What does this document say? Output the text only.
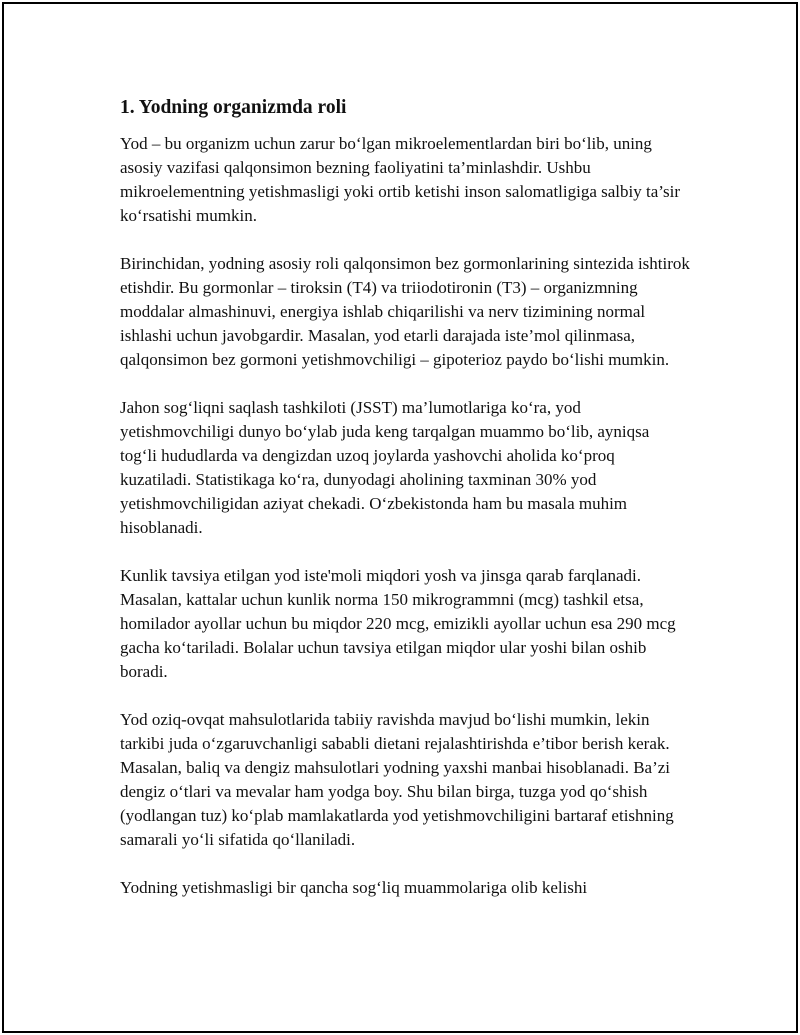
1. Yodning organizmda roli

Yod – bu organizm uchun zarur bo‘lgan mikroelementlardan biri bo‘lib, uning asosiy vazifasi qalqonsimon bezning faoliyatini ta’minlashdir. Ushbu mikroelementning yetishmasligi yoki ortib ketishi inson salomatligiga salbiy ta’sir ko‘rsatishi mumkin.

Birinchidan, yodning asosiy roli qalqonsimon bez gormonlarining sintezida ishtirok etishdir. Bu gormonlar – tiroksin (T4) va triiodotironin (T3) – organizmning moddalar almashinuvi, energiya ishlab chiqarilishi va nerv tizimining normal ishlashi uchun javobgardir. Masalan, yod etarli darajada iste’mol qilinmasa, qalqonsimon bez gormoni yetishmovchiligi – gipoterioz paydo bo‘lishi mumkin.

Jahon sog‘liqni saqlash tashkiloti (JSST) ma’lumotlariga ko‘ra, yod yetishmovchiligi dunyo bo‘ylab juda keng tarqalgan muammo bo‘lib, ayniqsa tog‘li hududlarda va dengizdan uzoq joylarda yashovchi aholida ko‘proq kuzatiladi. Statistikaga ko‘ra, dunyodagi aholining taxminan 30% yod yetishmovchiligidan aziyat chekadi. O‘zbekistonda ham bu masala muhim hisoblanadi.

Kunlik tavsiya etilgan yod iste'moli miqdori yosh va jinsga qarab farqlanadi. Masalan, kattalar uchun kunlik norma 150 mikrogrammni (mcg) tashkil etsa, homilador ayollar uchun bu miqdor 220 mcg, emizikli ayollar uchun esa 290 mcg gacha ko‘tariladi. Bolalar uchun tavsiya etilgan miqdor ular yoshi bilan oshib boradi.

Yod oziq-ovqat mahsulotlarida tabiiy ravishda mavjud bo‘lishi mumkin, lekin tarkibi juda o‘zgaruvchanligi sababli dietani rejalashtirishda e’tibor berish kerak. Masalan, baliq va dengiz mahsulotlari yodning yaxshi manbai hisoblanadi. Ba’zi dengiz o‘tlari va mevalar ham yodga boy. Shu bilan birga, tuzga yod qo‘shish (yodlangan tuz) ko‘plab mamlakatlarda yod yetishmovchiligini bartaraf etishning samarali yo‘li sifatida qo‘llaniladi.

Yodning yetishmasligi bir qancha sog‘liq muammolariga olib kelishi
